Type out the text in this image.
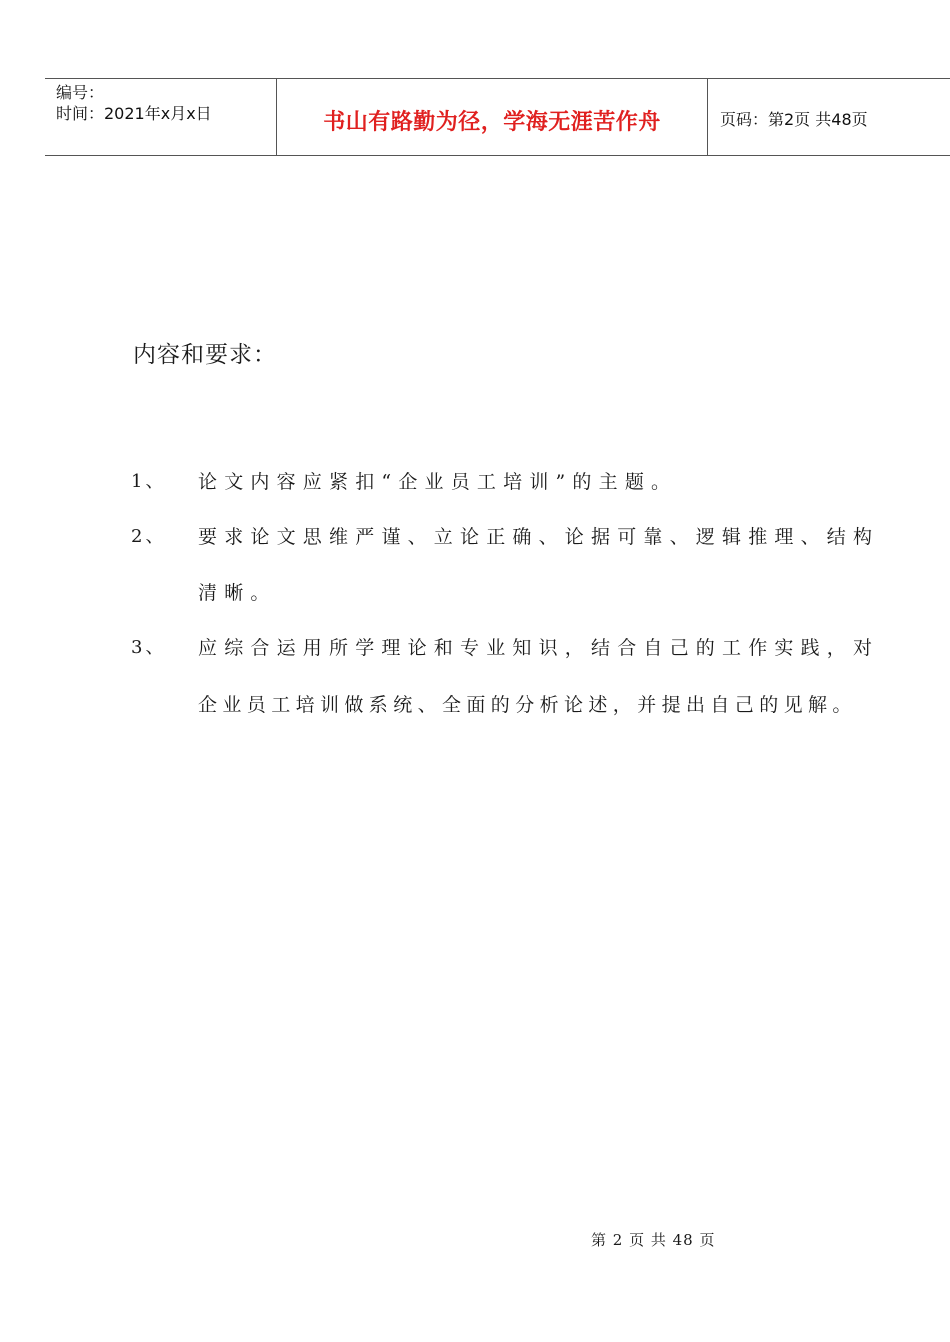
编号：
时间：2021年x月x日	书山有路勤为径，学海无涯苦作舟	页码：第2页 共48页
内容和要求：
1、 论文内容应紧扣“企业员工培训”的主题。
2、 要求论文思维严谨、立论正确、论据可靠、逻辑推理、结构
清晰。
3、 应综合运用所学理论和专业知识，结合自己的工作实践，对
企业员工培训做系统、全面的分析论述，并提出自己的见解。
第 2 页 共 48 页
